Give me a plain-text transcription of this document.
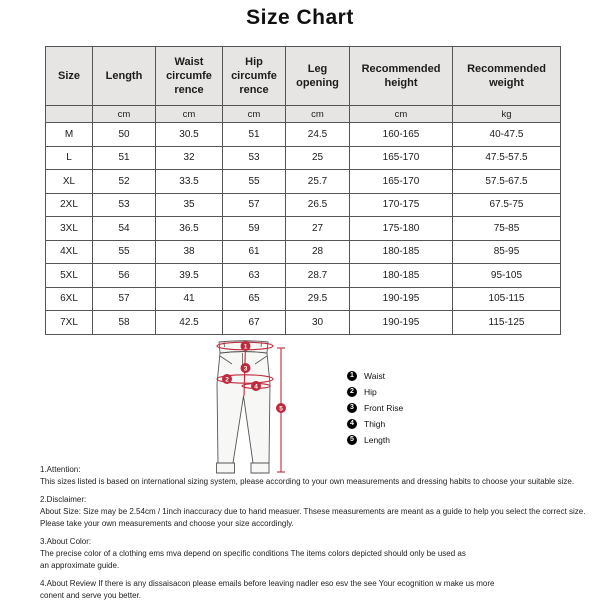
Size Chart
Size	Length	Waist circumfe rence	Hip circumfe rence	Leg opening	Recommended height	Recommended weight
	cm	cm	cm	cm	cm	kg
M	50	30.5	51	24.5	160-165	40-47.5
L	51	32	53	25	165-170	47.5-57.5
XL	52	33.5	55	25.7	165-170	57.5-67.5
2XL	53	35	57	26.5	170-175	67.5-75
3XL	54	36.5	59	27	175-180	75-85
4XL	55	38	61	28	180-185	85-95
5XL	56	39.5	63	28.7	180-185	95-105
6XL	57	41	65	29.5	190-195	105-115
7XL	58	42.5	67	30	190-195	115-125
1
2
3
4
5
1	Waist
2	Hip
3	Front Rise
4	Thigh
5	Length
1.Attention:
This sizes listed is based on international sizing system, please according to your own measurements and dressing habits to choose your suitable size.
2.Disclaimer:
About Size: Size may be 2.54cm / 1inch inaccuracy due to hand measuer. Thsese measurements are meant as a guide to help you select the correct size.
Please take your own measurements and choose your size accordingly.
3.About Color:
The precise color of a clothing ems mva depend on specific conditions The items colors depicted should only be used as
an approximate guide.
4.About Review If there is any dissaisacon please emails before leaving nadler eso esv the see Your ecognition w make us more
conent and serve you better.
